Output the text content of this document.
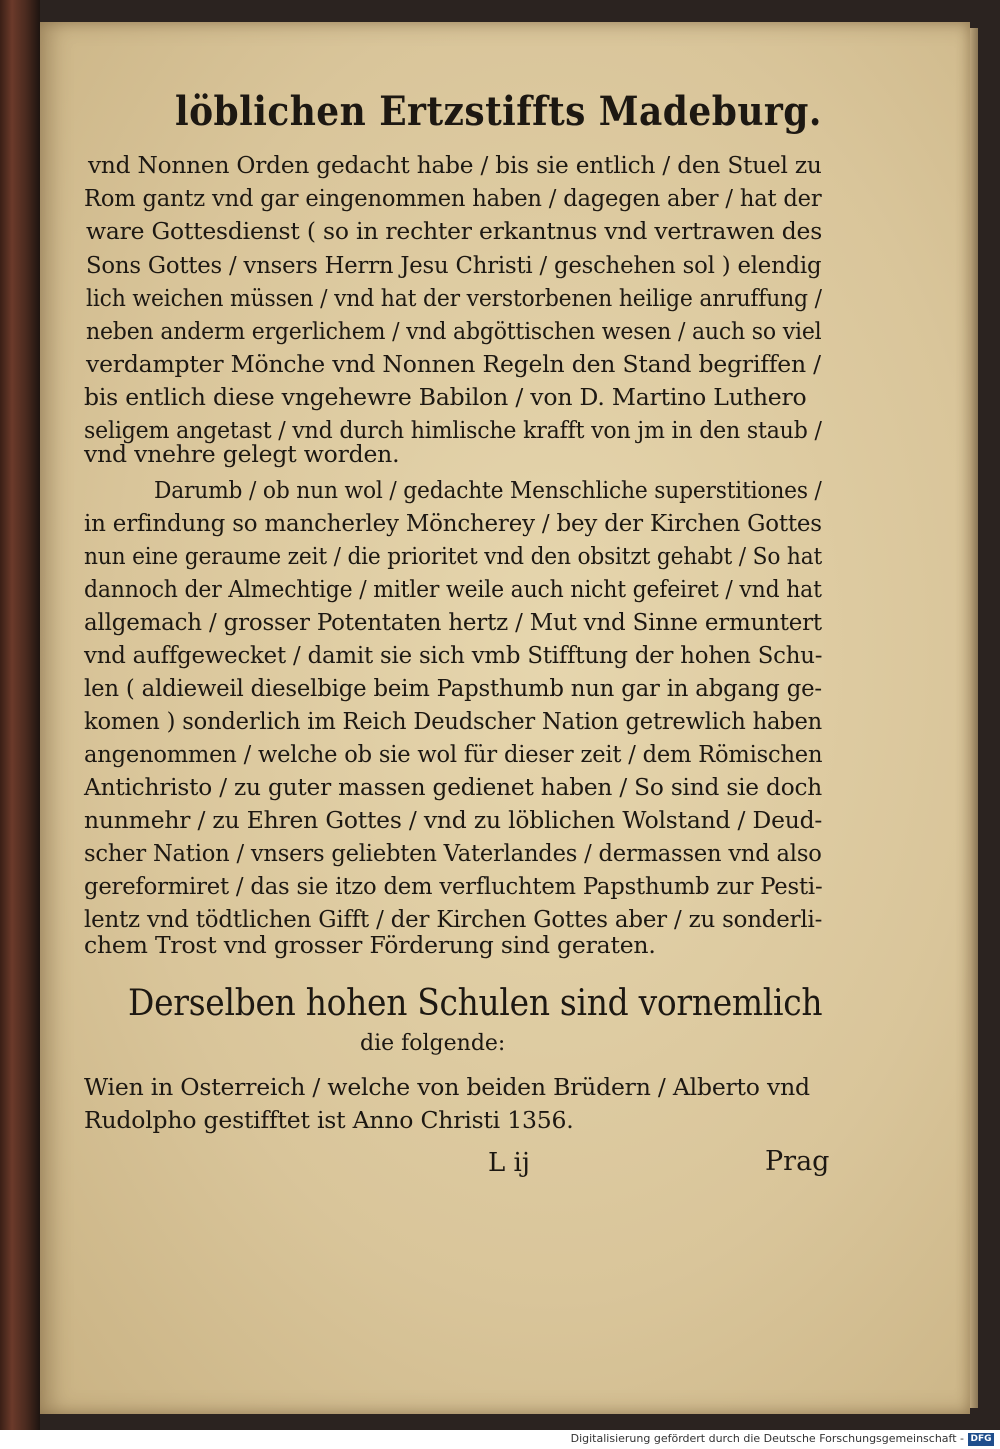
löblichen Ertzstiffts Madeburg.
vnd Nonnen Orden gedacht habe / bis sie entlich / den Stuel zu
Rom gantz vnd gar eingenommen haben / dagegen aber / hat der
ware Gottesdienst ( so in rechter erkantnus vnd vertrawen des
Sons Gottes / vnsers Herrn Jesu Christi / geschehen sol ) elendig
lich weichen müssen / vnd hat der verstorbenen heilige anruffung /
neben anderm ergerlichem / vnd abgöttischen wesen / auch so viel
verdampter Mönche vnd Nonnen Regeln den Stand begriffen /
bis entlich diese vngehewre Babilon / von D. Martino Luthero
seligem angetast / vnd durch himlische krafft von jm in den staub /
vnd vnehre gelegt worden.
Darumb / ob nun wol / gedachte Menschliche superstitiones /
in erfindung so mancherley Möncherey / bey der Kirchen Gottes
nun eine geraume zeit / die prioritet vnd den obsitzt gehabt / So hat
dannoch der Almechtige / mitler weile auch nicht gefeiret / vnd hat
allgemach / grosser Potentaten hertz / Mut vnd Sinne ermuntert
vnd auffgewecket / damit sie sich vmb Stifftung der hohen Schu-
len ( aldieweil dieselbige beim Papsthumb nun gar in abgang ge-
komen ) sonderlich im Reich Deudscher Nation getrewlich haben
angenommen / welche ob sie wol für dieser zeit / dem Römischen
Antichristo / zu guter massen gedienet haben / So sind sie doch
nunmehr / zu Ehren Gottes / vnd zu löblichen Wolstand / Deud-
scher Nation / vnsers geliebten Vaterlandes / dermassen vnd also
gereformiret / das sie itzo dem verfluchtem Papsthumb zur Pesti-
lentz vnd tödtlichen Gifft / der Kirchen Gottes aber / zu sonderli-
chem Trost vnd grosser Förderung sind geraten.
Derselben hohen Schulen sind vornemlich
die folgende:
Wien in Osterreich / welche von beiden Brüdern / Alberto vnd
Rudolpho gestifftet ist Anno Christi 1356.
L ij	Prag
Digitalisierung gefördert durch die Deutsche Forschungsgemeinschaft - DFG
